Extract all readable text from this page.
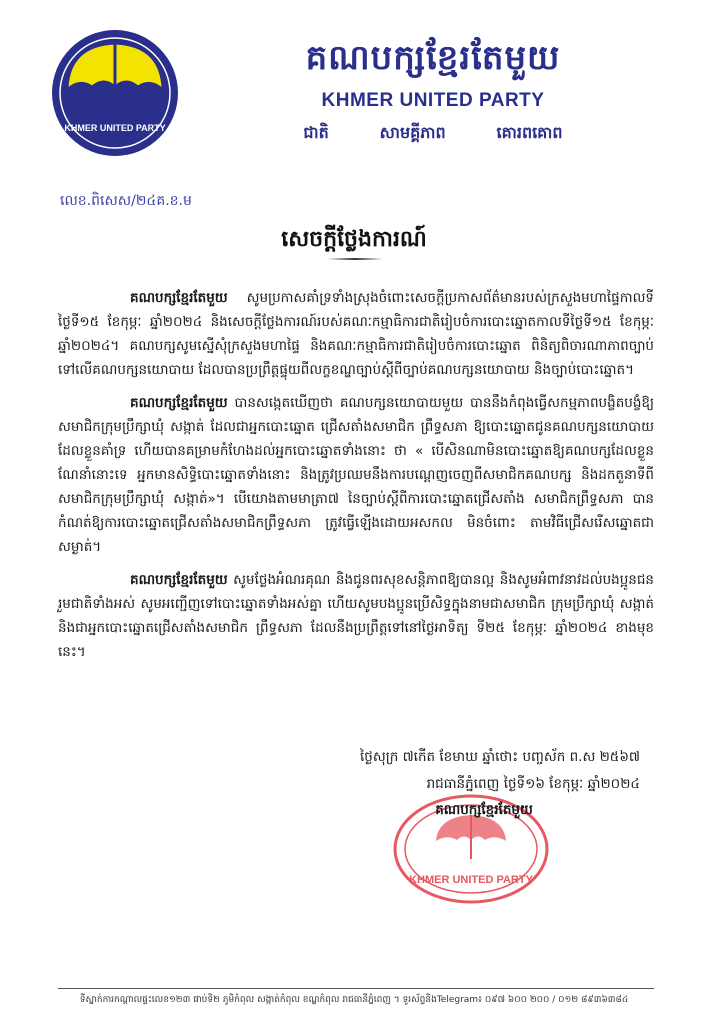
KHMER UNITED PARTY
គណបក្សខ្មែរតែមួយ
KHMER UNITED PARTY
ជាតិ	សាមគ្គីភាព	គោរពគោព
លេខ.ពិសេស/២៤គ.ខ.ម
សេចក្តីថ្លែងការណ៍

គណបក្សខ្មែរតែមួយ សូមប្រកាសគាំទ្រទាំងស្រុងចំពោះសេចក្តីប្រកាសព័ត៌មានរបស់ក្រសួងមហាផ្ទៃកាលទីថ្ងៃទី១៥ ខែកុម្ភៈ ឆ្នាំ២០២៤ និងសេចក្តីថ្លែងការណ៍របស់គណៈកម្មាធិការជាតិរៀបចំការបោះឆ្នោតកាលទីថ្ងៃទី១៥ ខែកុម្ភៈ ឆ្នាំ២០២៤។ គណបក្សសូមស្នើសុំក្រសួងមហាផ្ទៃ និងគណៈកម្មាធិការជាតិរៀបចំការបោះឆ្នោត ពិនិត្យពិចារណាភាពច្បាប់ទៅលើគណបក្សនយោបាយ ដែលបានប្រព្រឹត្តផ្ទុយពីលក្ខខណ្ឌច្បាប់ស្តីពីច្បាប់គណបក្សនយោបាយ និងច្បាប់បោះឆ្នោត។

គណបក្សខ្មែរតែមួយ បានសង្កេតឃើញថា គណបក្សនយោបាយមួយ បាននឹងកំពុងធ្វើសកម្មភាពបង្ខិតបង្ខំឱ្យសមាជិកក្រុមប្រឹក្សាឃុំ សង្កាត់ ដែលជាអ្នកបោះឆ្នោត ជ្រើសតាំងសមាជិក ព្រឹទ្ធសភា ឱ្យបោះឆ្នោតជូនគណបក្សនយោបាយដែលខ្លួនគាំទ្រ ហើយបានគម្រាមកំហែងដល់អ្នកបោះឆ្នោតទាំងនោះ ថា « បើសិនណាមិនបោះឆ្នោតឱ្យគណបក្សដែលខ្លួនណែនាំនោះទេ អ្នកមានសិទ្ធិបោះឆ្នោតទាំងនោះ និងត្រូវប្រឈមនឹងការបណ្តេញចេញពីសមាជិកគណបក្ស និងដកតួនាទីពីសមាជិកក្រុមប្រឹក្សាឃុំ សង្កាត់»។ បើយោងតាមមាត្រា៧ នៃច្បាប់ស្តីពីការបោះឆ្នោតជ្រើសតាំង សមាជិកព្រឹទ្ធសភា បានកំណត់ឱ្យការបោះឆ្នោតជ្រើសតាំងសមាជិកព្រឹទ្ធសភា ត្រូវធ្វើឡើងដោយអសកល មិនចំពោះ តាមវិធីជ្រើសរើសឆ្នោតជាសម្ងាត់។

គណបក្សខ្មែរតែមួយ សូមថ្លែងអំណរគុណ និងជូនពរសុខសន្តិភាពឱ្យបានល្អ និងសូមអំពាវនាវដល់បងប្អូនជនរួមជាតិទាំងអស់ សូមអញ្ជើញទៅបោះឆ្នោតទាំងអស់គ្នា ហើយសូមបងប្អូនប្រើសិទ្ធក្នុងនាមជាសមាជិក ក្រុមប្រឹក្សាឃុំ សង្កាត់ និងជាអ្នកបោះឆ្នោតជ្រើសតាំងសមាជិក ព្រឹទ្ធសភា ដែលនឹងប្រព្រឹត្តទៅនៅថ្ងៃអាទិត្យ ទី២៥ ខែកុម្ភៈ ឆ្នាំ២០២៤ ខាងមុខនេះ។

ថ្ងៃសុក្រ ៧កើត ខែមាឃ ឆ្នាំថោះ បញ្ចស័ក ព.ស ២៥៦៧
រាជធានីភ្នំពេញ ថ្ងៃទី១៦ ខែកុម្ភៈ ឆ្នាំ២០២៤
KHMER UNITED PARTY
គណបក្សខ្មែរតែមួយ
ទីស្នាក់ការកណ្តាលផ្ទះលេខ១២៣ ផាប់ទិ២ ភូមិកំពុល សង្កាត់កំពុល ខណ្ឌកំពុល រាជធានីភ្នំពេញ ។ ទូរស័ព្ទនិងTelegram៖ ០៩៧ ៦០០ ២០០ / ០១២ ៨៩៣៦៣៨៤
